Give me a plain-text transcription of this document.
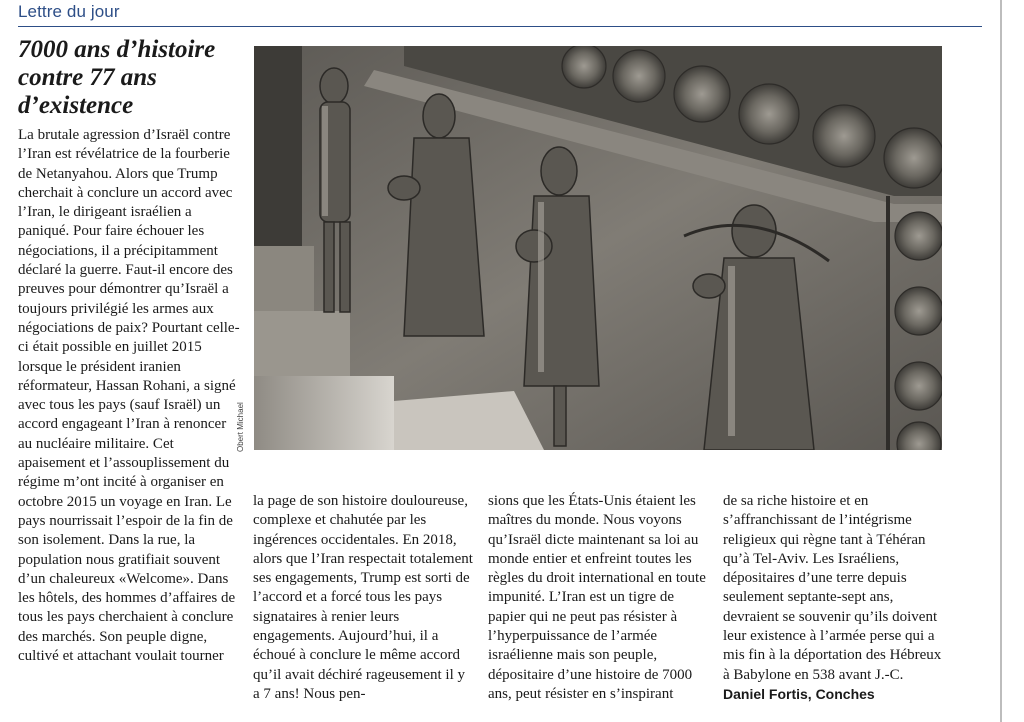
Lettre du jour
7000 ans d’histoire contre 77 ans d’existence
Obert Michael

La brutale agression d’Israël contre l’Iran est révélatrice de la fourberie de Netanyahou. Alors que Trump cherchait à conclure un accord avec l’Iran, le dirigeant israélien a paniqué. Pour faire échouer les négociations, il a précipitamment déclaré la guerre. Faut-il encore des preuves pour démontrer qu’Israël a toujours privilégié les armes aux négociations de paix? Pourtant celle-ci était possible en juillet 2015 lorsque le président iranien réformateur, Hassan Rohani, a signé avec tous les pays (sauf Israël) un accord engageant l’Iran à renoncer au nucléaire militaire. Cet apaisement et l’assouplissement du régime m’ont incité à organiser en octobre 2015 un voyage en Iran. Le pays nourrissait l’espoir de la fin de son isolement. Dans la rue, la population nous gratifiait souvent d’un chaleureux «Welcome». Dans les hôtels, des hommes d’affaires de tous les pays cherchaient à conclure des marchés. Son peuple digne, cultivé et attachant voulait tourner

la page de son histoire douloureuse, complexe et chahutée par les ingérences occidentales. En 2018, alors que l’Iran respectait totalement ses engagements, Trump est sorti de l’accord et a forcé tous les pays signataires à renier leurs engagements. Aujourd’hui, il a échoué à conclure le même accord qu’il avait déchiré rageusement il y a 7 ans! Nous pen-

sions que les États-Unis étaient les maîtres du monde. Nous voyons qu’Israël dicte maintenant sa loi au monde entier et enfreint toutes les règles du droit international en toute impunité. L’Iran est un tigre de papier qui ne peut pas résister à l’hyperpuissance de l’armée israélienne mais son peuple, dépositaire d’une histoire de 7000 ans, peut résister en s’inspirant

de sa riche histoire et en s’affranchissant de l’intégrisme religieux qui règne tant à Téhéran qu’à Tel-Aviv. Les Israéliens, dépositaires d’une terre depuis seulement septante-sept ans, devraient se souvenir qu’ils doivent leur existence à l’armée perse qui a mis fin à la déportation des Hébreux à Babylone en 538 avant J.-C.

Daniel Fortis, Conches
